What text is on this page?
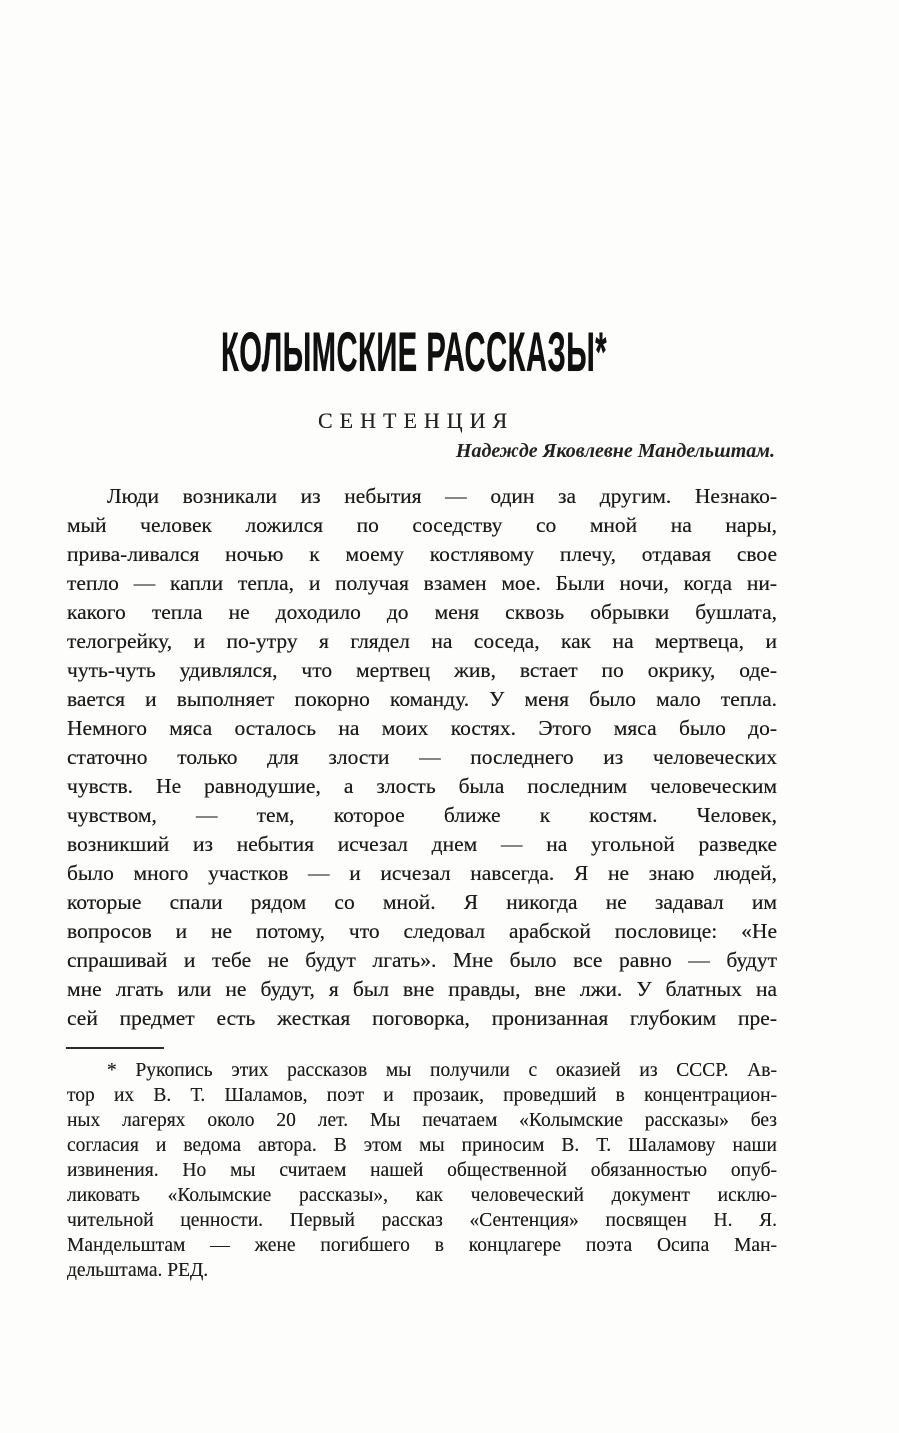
КОЛЫМСКИЕ РАССКАЗЫ*
СЕНТЕНЦИЯ
Надежде Яковлевне Мандельштам.
Люди возникали из небытия — один за другим. Незнако-
мый человек ложился по соседству со мной на нары,
прива-ливался ночью к моему костлявому плечу, отдавая свое
тепло — капли тепла, и получая взамен мое. Были ночи, когда ни-
какого тепла не доходило до меня сквозь обрывки бушлата,
телогрейку, и по-утру я глядел на соседа, как на мертвеца, и
чуть-чуть удивлялся, что мертвец жив, встает по окрику, оде-
вается и выполняет покорно команду. У меня было мало тепла.
Немного мяса осталось на моих костях. Этого мяса было до-
статочно только для злости — последнего из человеческих
чувств. Не равнодушие, а злость была последним человеческим
чувством, — тем, которое ближе к костям. Человек,
возникший из небытия исчезал днем — на угольной разведке
было много участков — и исчезал навсегда. Я не знаю людей,
которые спали рядом со мной. Я никогда не задавал им
вопросов и не потому, что следовал арабской пословице: «Не
спрашивай и тебе не будут лгать». Мне было все равно — будут
мне лгать или не будут, я был вне правды, вне лжи. У блатных на
сей предмет есть жесткая поговорка, пронизанная глубоким пре-
* Рукопись этих рассказов мы получили с оказией из СССР. Ав-
тор их В. Т. Шаламов, поэт и прозаик, проведший в концентрацион-
ных лагерях около 20 лет. Мы печатаем «Колымские рассказы» без
согласия и ведома автора. В этом мы приносим В. Т. Шаламову наши
извинения. Но мы считаем нашей общественной обязанностью опуб-
ликовать «Колымские рассказы», как человеческий документ исклю-
чительной ценности. Первый рассказ «Сентенция» посвящен Н. Я.
Мандельштам — жене погибшего в концлагере поэта Осипа Ман-
дельштама. РЕД.
